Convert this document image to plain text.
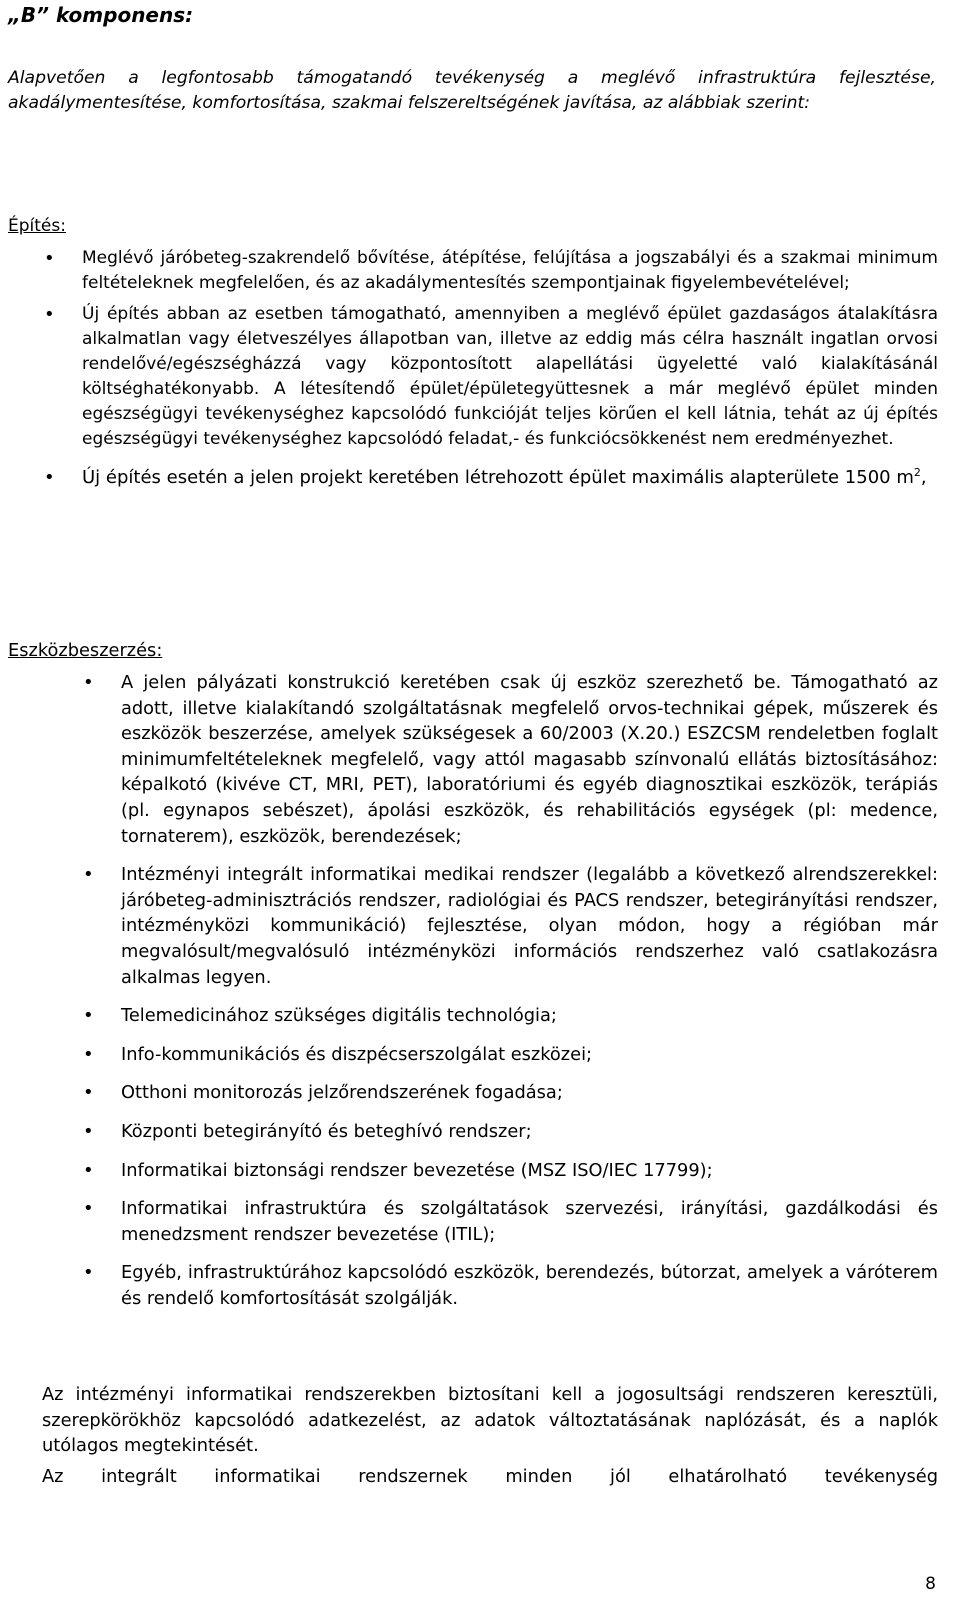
„B” komponens:

Alapvetően a legfontosabb támogatandó tevékenység a meglévő infrastruktúra fejlesztése, akadálymentesítése, komfortosítása, szakmai felszereltségének javítása, az alábbiak szerint:

Építés:

• Meglévő járóbeteg-szakrendelő bővítése, átépítése, felújítása a jogszabályi és a szakmai minimum feltételeknek megfelelően, és az akadálymentesítés szempontjainak figyelembevételével;
• Új építés abban az esetben támogatható, amennyiben a meglévő épület gazdaságos átalakításra alkalmatlan vagy életveszélyes állapotban van, illetve az eddig más célra használt ingatlan orvosi rendelővé/egészségházzá vagy központosított alapellátási ügyeletté való kialakításánál költséghatékonyabb. A létesítendő épület/épületegyüttesnek a már meglévő épület minden egészségügyi tevékenységhez kapcsolódó funkcióját teljes körűen el kell látnia, tehát az új építés egészségügyi tevékenységhez kapcsolódó feladat,- és funkciócsökkenést nem eredményezhet.
• Új építés esetén a jelen projekt keretében létrehozott épület maximális alapterülete 1500 $m^2$,

Eszközbeszerzés:

• A jelen pályázati konstrukció keretében csak új eszköz szerezhető be. Támogatható az adott, illetve kialakítandó szolgáltatásnak megfelelő orvos-technikai gépek, műszerek és eszközök beszerzése, amelyek szükségesek a 60/2003 (X.20.) ESZCSM rendeletben foglalt minimumfeltételeknek megfelelő, vagy attól magasabb színvonalú ellátás biztosításához: képalkotó (kivéve CT, MRI, PET), laboratóriumi és egyéb diagnosztikai eszközök, terápiás (pl. egynapos sebészet), ápolási eszközök, és rehabilitációs egységek (pl: medence, tornaterem), eszközök, berendezések;
• Intézményi integrált informatikai medikai rendszer (legalább a következő alrendszerekkel: járóbeteg-adminisztrációs rendszer, radiológiai és PACS rendszer, betegirányítási rendszer, intézményközi kommunikáció) fejlesztése, olyan módon, hogy a régióban már megvalósult/megvalósuló intézményközi információs rendszerhez való csatlakozásra alkalmas legyen.
• Telemedicinához szükséges digitális technológia;
• Info-kommunikációs és diszpécserszolgálat eszközei;
• Otthoni monitorozás jelzőrendszerének fogadása;
• Központi betegirányító és beteghívó rendszer;
• Informatikai biztonsági rendszer bevezetése (MSZ ISO/IEC 17799);
• Informatikai infrastruktúra és szolgáltatások szervezési, irányítási, gazdálkodási és menedzsment rendszer bevezetése (ITIL);
• Egyéb, infrastruktúrához kapcsolódó eszközök, berendezés, bútorzat, amelyek a váróterem és rendelő komfortosítását szolgálják.

Az intézményi informatikai rendszerekben biztosítani kell a jogosultsági rendszeren keresztüli, szerepkörökhöz kapcsolódó adatkezelést, az adatok változtatásának naplózását, és a naplók utólagos megtekintését.

Az integrált informatikai rendszernek minden jól elhatárolható tevékenység

8
